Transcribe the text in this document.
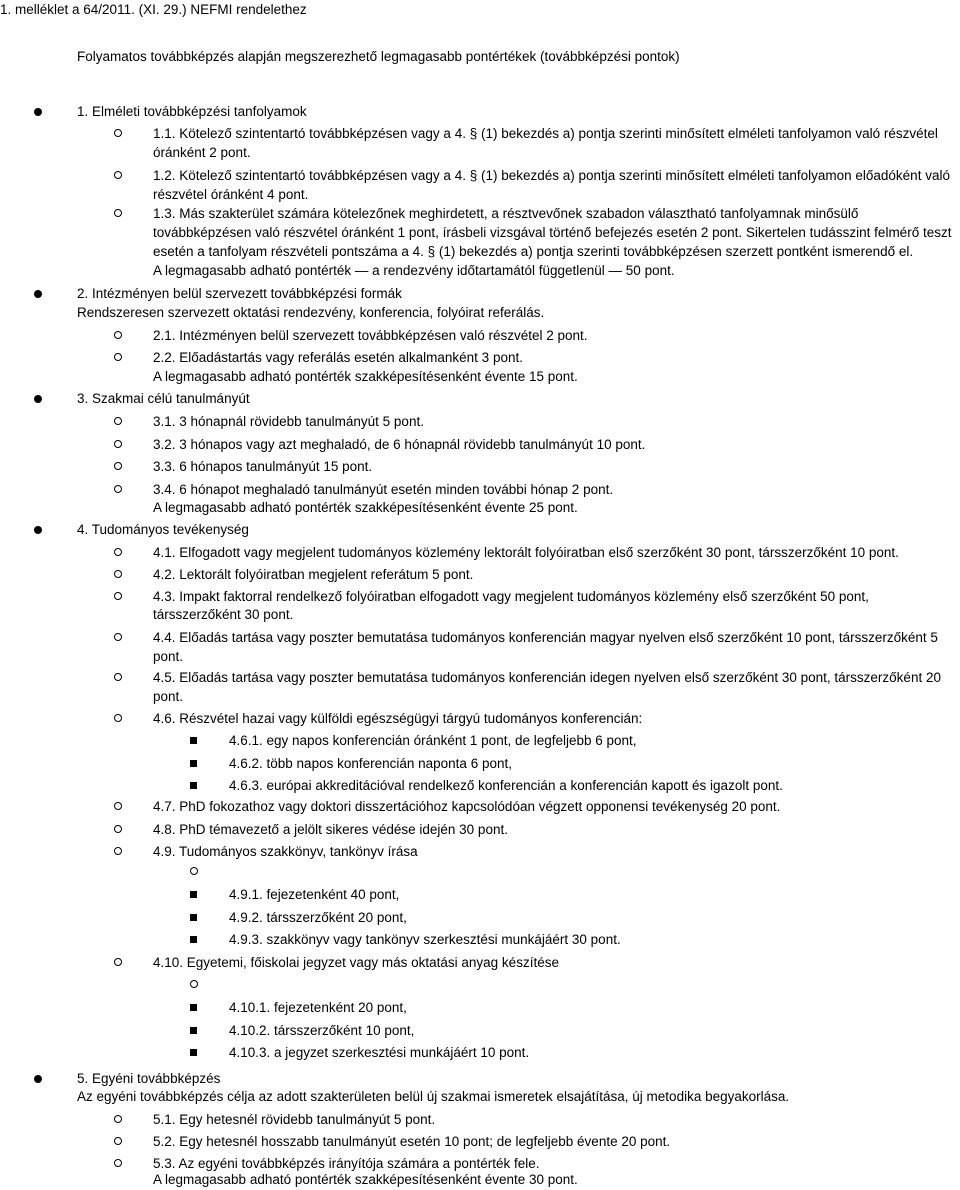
1. melléklet a 64/2011. (XI. 29.) NEFMI rendelethez
Folyamatos továbbképzés alapján megszerezhető legmagasabb pontértékek (továbbképzési pontok)
1. Elméleti továbbképzési tanfolyamok
1.1. Kötelező szintentartó továbbképzésen vagy a 4. § (1) bekezdés a) pontja szerinti minősített elméleti tanfolyamon való részvétel
óránként 2 pont.
1.2. Kötelező szintentartó továbbképzésen vagy a 4. § (1) bekezdés a) pontja szerinti minősített elméleti tanfolyamon előadóként való
részvétel óránként 4 pont.
1.3. Más szakterület számára kötelezőnek meghirdetett, a résztvevőnek szabadon választható tanfolyamnak minősülő
továbbképzésen való részvétel óránként 1 pont, írásbeli vizsgával történő befejezés esetén 2 pont. Sikertelen tudásszint felmérő teszt
esetén a tanfolyam részvételi pontszáma a 4. § (1) bekezdés a) pontja szerinti továbbképzésen szerzett pontként ismerendő el.
A legmagasabb adható pontérték — a rendezvény időtartamától függetlenül — 50 pont.
2. Intézményen belül szervezett továbbképzési formák
Rendszeresen szervezett oktatási rendezvény, konferencia, folyóirat referálás.
2.1. Intézményen belül szervezett továbbképzésen való részvétel 2 pont.
2.2. Előadástartás vagy referálás esetén alkalmanként 3 pont.
A legmagasabb adható pontérték szakképesítésenként évente 15 pont.
3. Szakmai célú tanulmányút
3.1. 3 hónapnál rövidebb tanulmányút 5 pont.
3.2. 3 hónapos vagy azt meghaladó, de 6 hónapnál rövidebb tanulmányút 10 pont.
3.3. 6 hónapos tanulmányút 15 pont.
3.4. 6 hónapot meghaladó tanulmányút esetén minden további hónap 2 pont.
A legmagasabb adható pontérték szakképesítésenként évente 25 pont.
4. Tudományos tevékenység
4.1. Elfogadott vagy megjelent tudományos közlemény lektorált folyóiratban első szerzőként 30 pont, társszerzőként 10 pont.
4.2. Lektorált folyóiratban megjelent referátum 5 pont.
4.3. Impakt faktorral rendelkező folyóiratban elfogadott vagy megjelent tudományos közlemény első szerzőként 50 pont,
társszerzőként 30 pont.
4.4. Előadás tartása vagy poszter bemutatása tudományos konferencián magyar nyelven első szerzőként 10 pont, társszerzőként 5
pont.
4.5. Előadás tartása vagy poszter bemutatása tudományos konferencián idegen nyelven első szerzőként 30 pont, társszerzőként 20
pont.
4.6. Részvétel hazai vagy külföldi egészségügyi tárgyú tudományos konferencián:
4.6.1. egy napos konferencián óránként 1 pont, de legfeljebb 6 pont,
4.6.2. több napos konferencián naponta 6 pont,
4.6.3. európai akkreditációval rendelkező konferencián a konferencián kapott és igazolt pont.
4.7. PhD fokozathoz vagy doktori disszertációhoz kapcsolódóan végzett opponensi tevékenység 20 pont.
4.8. PhD témavezető a jelölt sikeres védése idején 30 pont.
4.9. Tudományos szakkönyv, tankönyv írása
4.9.1. fejezetenként 40 pont,
4.9.2. társszerzőként 20 pont,
4.9.3. szakkönyv vagy tankönyv szerkesztési munkájáért 30 pont.
4.10. Egyetemi, főiskolai jegyzet vagy más oktatási anyag készítése
4.10.1. fejezetenként 20 pont,
4.10.2. társszerzőként 10 pont,
4.10.3. a jegyzet szerkesztési munkájáért 10 pont.
5. Egyéni továbbképzés
Az egyéni továbbképzés célja az adott szakterületen belül új szakmai ismeretek elsajátítása, új metodika begyakorlása.
5.1. Egy hetesnél rövidebb tanulmányút 5 pont.
5.2. Egy hetesnél hosszabb tanulmányút esetén 10 pont; de legfeljebb évente 20 pont.
5.3. Az egyéni továbbképzés irányítója számára a pontérték fele.
A legmagasabb adható pontérték szakképesítésenként évente 30 pont.
